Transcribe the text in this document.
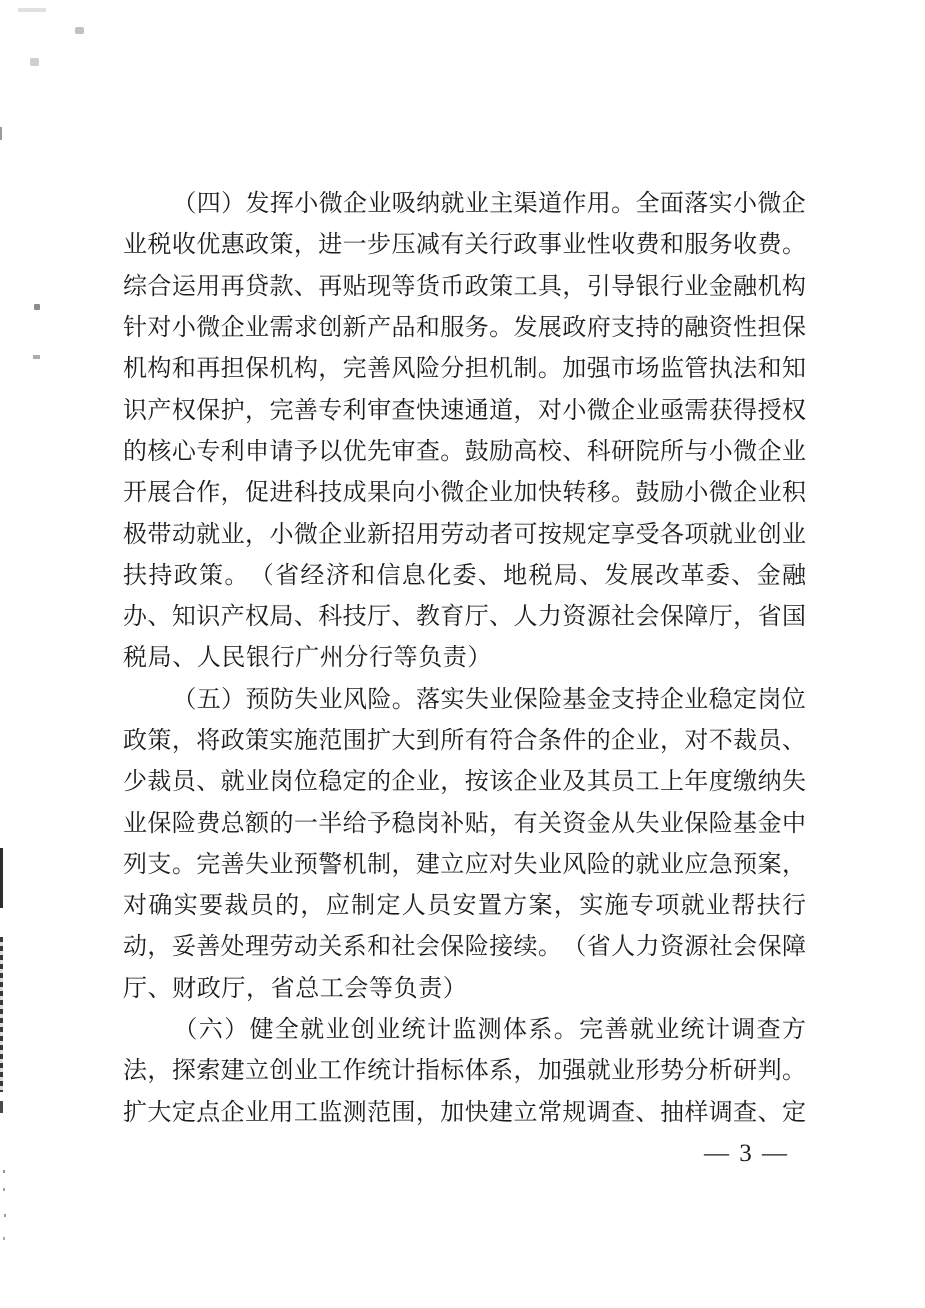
（ 四 ） 发 挥 小 微 企 业 吸 纳 就 业 主 渠 道 作 用 。 全 面 落 实 小 微 企
业 税 收 优 惠 政 策 ， 进 一 步 压 减 有 关 行 政 事 业 性 收 费 和 服 务 收 费 。
综 合 运 用 再 贷 款 、 再 贴 现 等 货 币 政 策 工 具 ， 引 导 银 行 业 金 融 机 构
针 对 小 微 企 业 需 求 创 新 产 品 和 服 务 。 发 展 政 府 支 持 的 融 资 性 担 保
机 构 和 再 担 保 机 构 ， 完 善 风 险 分 担 机 制 。 加 强 市 场 监 管 执 法 和 知
识 产 权 保 护 ， 完 善 专 利 审 查 快 速 通 道 ， 对 小 微 企 业 亟 需 获 得 授 权
的 核 心 专 利 申 请 予 以 优 先 审 查 。 鼓 励 高 校 、 科 研 院 所 与 小 微 企 业
开 展 合 作 ， 促 进 科 技 成 果 向 小 微 企 业 加 快 转 移 。 鼓 励 小 微 企 业 积
极 带 动 就 业 ， 小 微 企 业 新 招 用 劳 动 者 可 按 规 定 享 受 各 项 就 业 创 业
扶 持 政 策 。 （ 省 经 济 和 信 息 化 委 、 地 税 局 、 发 展 改 革 委 、 金 融
办 、 知 识 产 权 局 、 科 技 厅 、 教 育 厅 、 人 力 资 源 社 会 保 障 厅 ， 省 国
税局、人民银行广州分行等负责）
（ 五 ） 预 防 失 业 风 险 。 落 实 失 业 保 险 基 金 支 持 企 业 稳 定 岗 位
政 策 ， 将 政 策 实 施 范 围 扩 大 到 所 有 符 合 条 件 的 企 业 ， 对 不 裁 员 、
少 裁 员 、 就 业 岗 位 稳 定 的 企 业 ， 按 该 企 业 及 其 员 工 上 年 度 缴 纳 失
业 保 险 费 总 额 的 一 半 给 予 稳 岗 补 贴 ， 有 关 资 金 从 失 业 保 险 基 金 中
列 支 。 完 善 失 业 预 警 机 制 ， 建 立 应 对 失 业 风 险 的 就 业 应 急 预 案 ，
对 确 实 要 裁 员 的 ， 应 制 定 人 员 安 置 方 案 ， 实 施 专 项 就 业 帮 扶 行
动 ， 妥 善 处 理 劳 动 关 系 和 社 会 保 险 接 续 。 （ 省 人 力 资 源 社 会 保 障
厅、财政厅，省总工会等负责）
（ 六 ） 健 全 就 业 创 业 统 计 监 测 体 系 。 完 善 就 业 统 计 调 查 方
法 ， 探 索 建 立 创 业 工 作 统 计 指 标 体 系 ， 加 强 就 业 形 势 分 析 研 判 。
扩 大 定 点 企 业 用 工 监 测 范 围 ， 加 快 建 立 常 规 调 查 、 抽 样 调 查 、 定
— 3 —
